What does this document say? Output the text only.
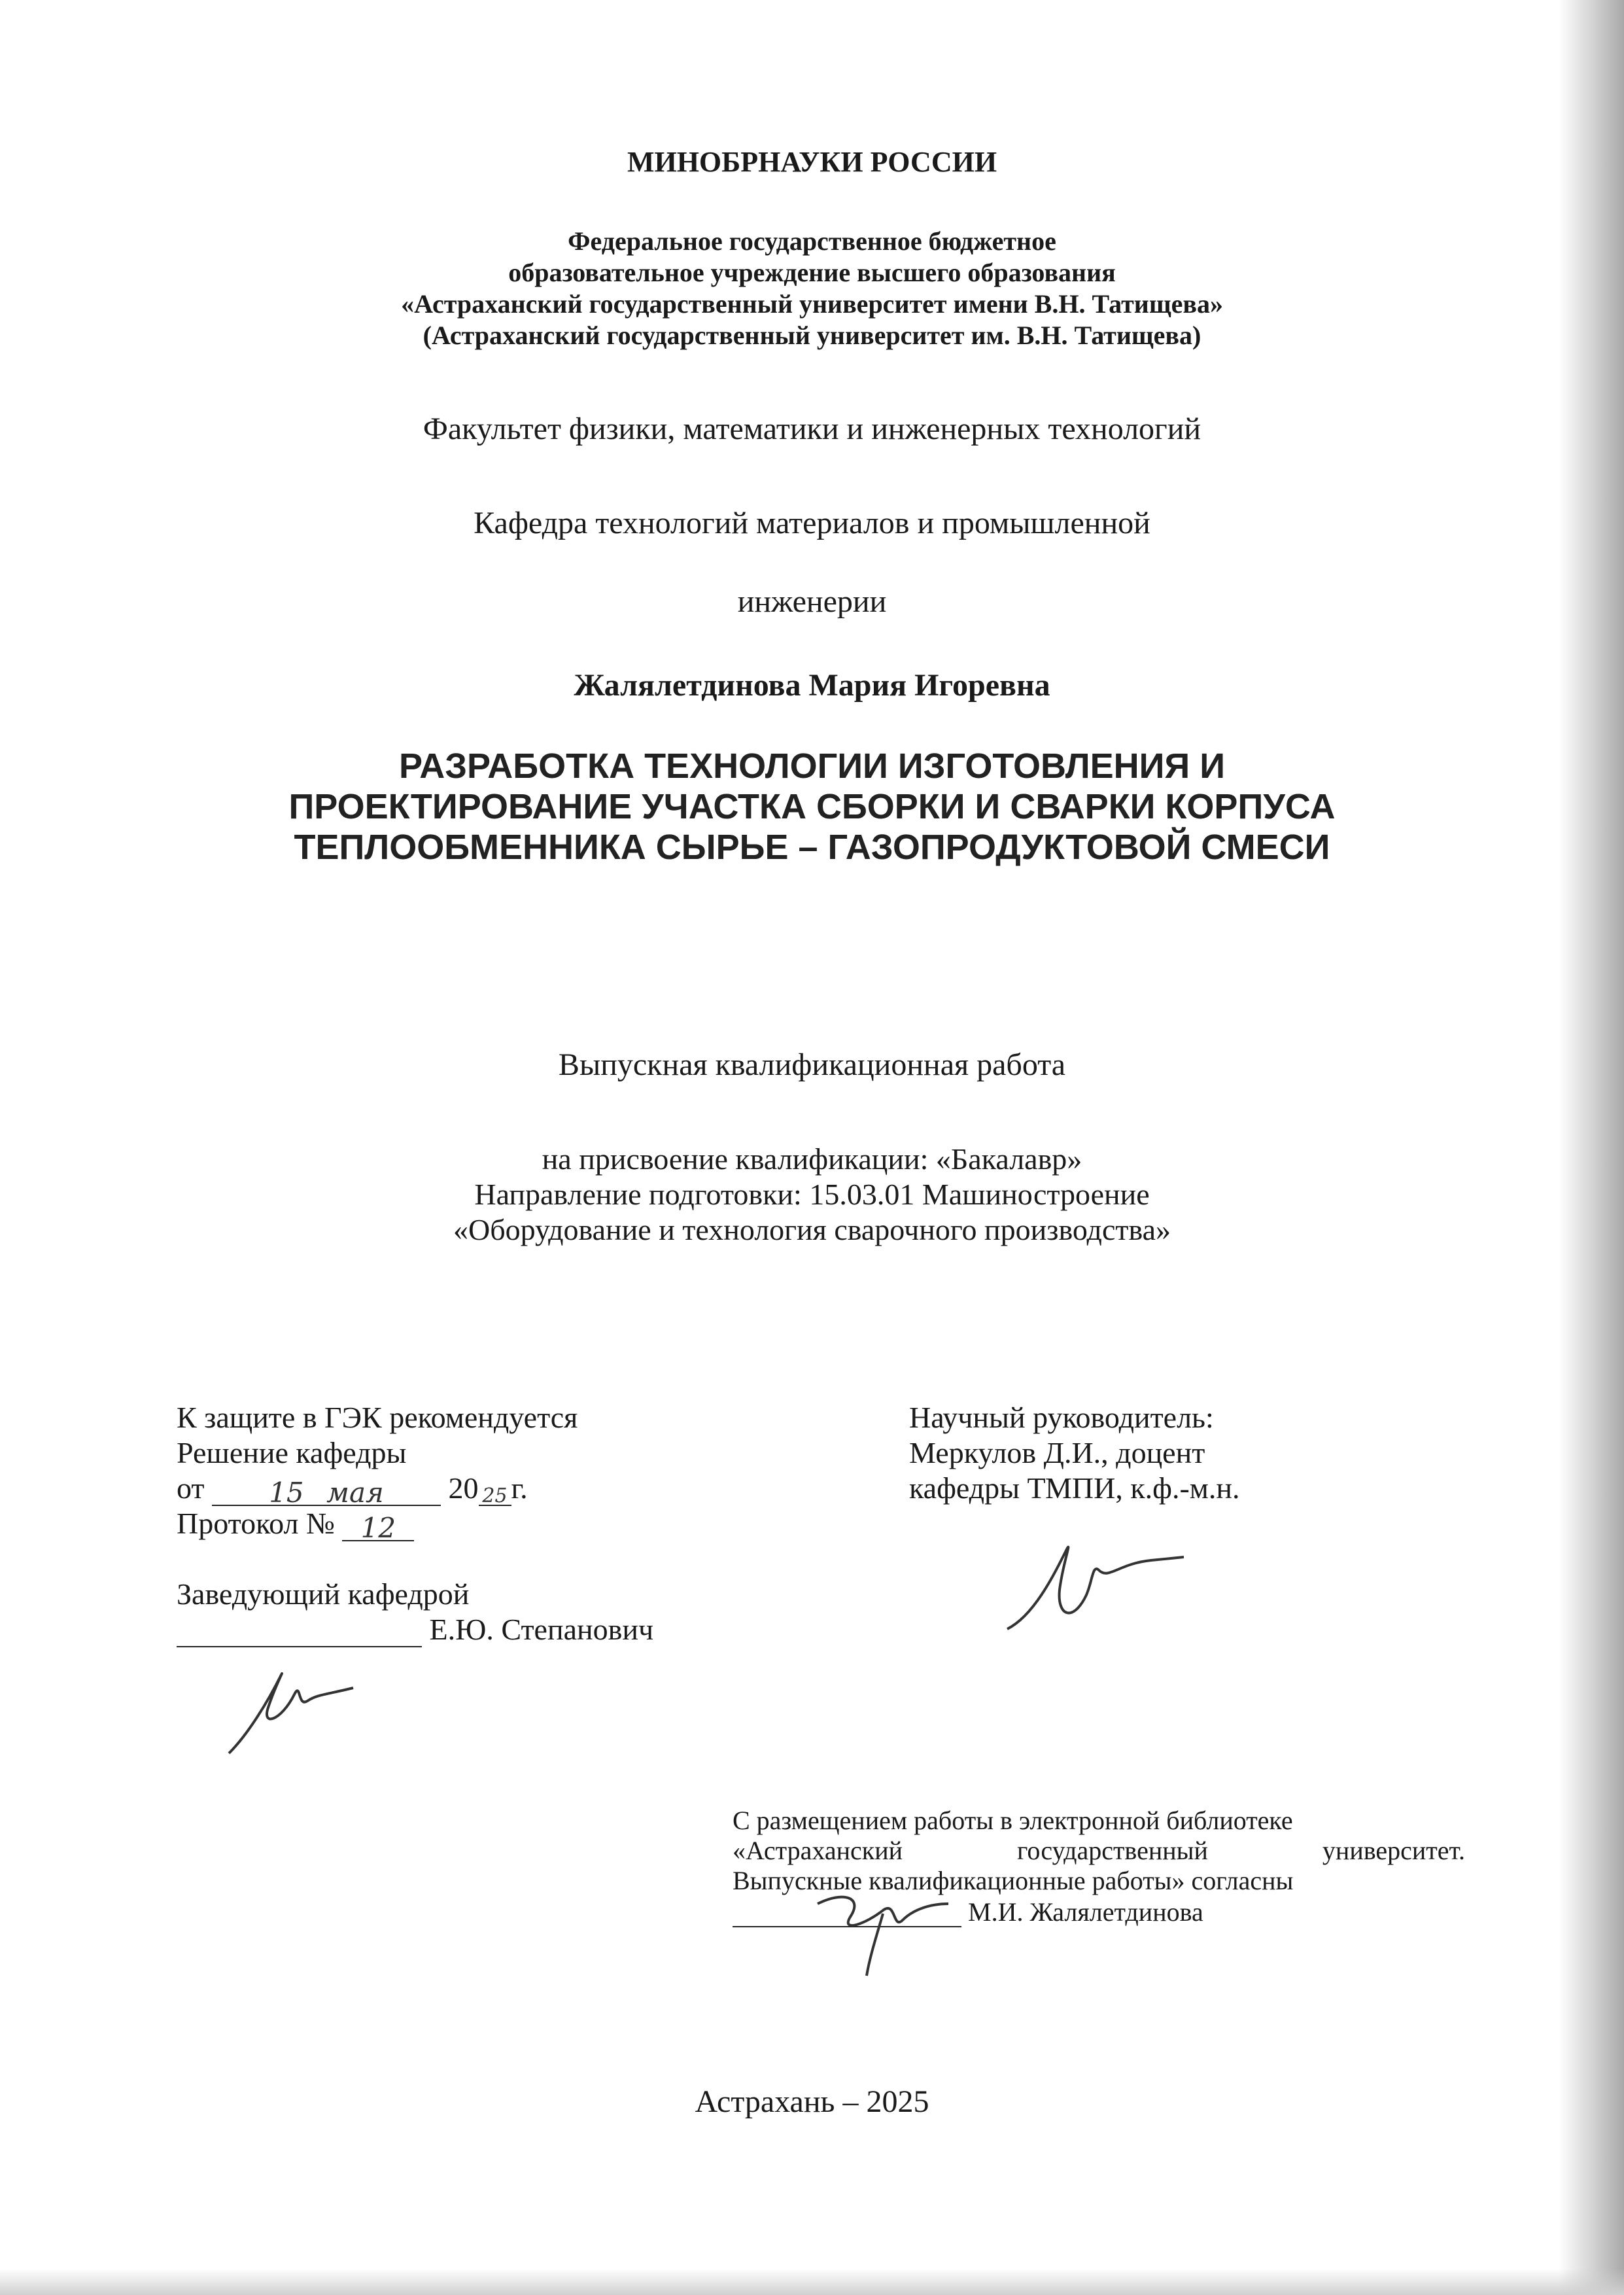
МИНОБРНАУКИ РОССИИ
Федеральное государственное бюджетное
образовательное учреждение высшего образования
«Астраханский государственный университет имени В.Н. Татищева»
(Астраханский государственный университет им. В.Н. Татищева)
Факультет физики, математики и инженерных технологий
Кафедра технологий материалов и промышленной
инженерии
Жалялетдинова Мария Игоревна
РАЗРАБОТКА ТЕХНОЛОГИИ ИЗГОТОВЛЕНИЯ И
ПРОЕКТИРОВАНИЕ УЧАСТКА СБОРКИ И СВАРКИ КОРПУСА
ТЕПЛООБМЕННИКА СЫРЬЕ – ГАЗОПРОДУКТОВОЙ СМЕСИ
Выпускная квалификационная работа
на присвоение квалификации: «Бакалавр»
Направление подготовки: 15.03.01 Машиностроение
«Оборудование и технология сварочного производства»
К защите в ГЭК рекомендуется
Решение кафедры
от 15 мая 20 25 г.
Протокол № 12
Заведующий кафедрой
Е.Ю. Степанович
Научный руководитель:
Меркулов Д.И., доцент
кафедры ТМПИ, к.ф.-м.н.
С размещением работы в электронной библиотеке
«Астраханский государственный университет.
Выпускные квалификационные работы» согласны
М.И. Жалялетдинова
Астрахань – 2025
